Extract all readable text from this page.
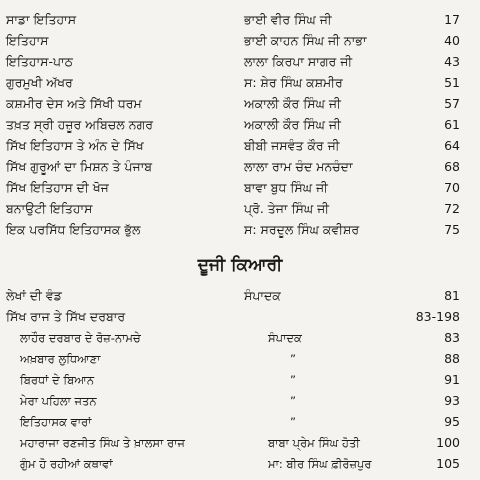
ਸਾਡਾ ਇਤਿਹਾਸ	ਭਾਈ ਵੀਰ ਸਿੰਘ ਜੀ	17
ਇਤਿਹਾਸ	ਭਾਈ ਕਾਹਨ ਸਿੰਘ ਜੀ ਨਾਭਾ	40
ਇਤਿਹਾਸ-ਪਾਠ	ਲਾਲਾ ਕਿਰਪਾ ਸਾਗਰ ਜੀ	43
ਗੁਰਮੁਖੀ ਅੱਖਰ	ਸ: ਸ਼ੇਰ ਸਿੰਘ ਕਸ਼ਮੀਰ	51
ਕਸ਼ਮੀਰ ਦੇਸ ਅਤੇ ਸਿੱਖੀ ਧਰਮ	ਅਕਾਲੀ ਕੌਰ ਸਿੰਘ ਜੀ	57
ਤਖ਼ਤ ਸ੍ਰੀ ਹਜ਼ੂਰ ਅਬਿਚਲ ਨਗਰ	ਅਕਾਲੀ ਕੌਰ ਸਿੰਘ ਜੀ	61
ਸਿੱਖ ਇਤਿਹਾਸ ਤੇ ਅੰਨ ਦੇ ਸਿੱਖ	ਬੀਬੀ ਜਸਵੰਤ ਕੌਰ ਜੀ	64
ਸਿੱਖ ਗੁਰੂਆਂ ਦਾ ਮਿਸ਼ਨ ਤੇ ਪੰਜਾਬ	ਲਾਲਾ ਰਾਮ ਚੰਦ ਮਨਚੰਦਾ	68
ਸਿੱਖ ਇਤਿਹਾਸ ਦੀ ਖੋਜ	ਬਾਵਾ ਬੁਧ ਸਿੰਘ ਜੀ	70
ਬਨਾਉਟੀ ਇਤਿਹਾਸ	ਪ੍ਰੋ. ਤੇਜਾ ਸਿੰਘ ਜੀ	72
ਇਕ ਪਰਸਿੱਧ ਇਤਿਹਾਸਕ ਭੁੱਲ	ਸ: ਸਰਦੂਲ ਸਿੰਘ ਕਵੀਸ਼ਰ	75
ਦੂਜੀ ਕਿਆਰੀ
ਲੇਖਾਂ ਦੀ ਵੰਡ	ਸੰਪਾਦਕ	81
ਸਿੱਖ ਰਾਜ ਤੇ ਸਿੱਖ ਦਰਬਾਰ	83-198
ਲਾਹੌਰ ਦਰਬਾਰ ਦੇ ਰੋਜ਼-ਨਾਮਚੇ	ਸੰਪਾਦਕ	83
ਅਖ਼ਬਾਰ ਲੁਧਿਆਣਾ	”	88
ਬਿਰਧਾਂ ਦੇ ਬਿਆਨ	”	91
ਮੇਰਾ ਪਹਿਲਾ ਜਤਨ	”	93
ਇਤਿਹਾਸਕ ਵਾਰਾਂ	”	95
ਮਹਾਰਾਜਾ ਰਣਜੀਤ ਸਿੰਘ ਤੇ ਖ਼ਾਲਸਾ ਰਾਜ	ਬਾਬਾ ਪ੍ਰੇਮ ਸਿੰਘ ਹੋਤੀ	100
ਗੁੰਮ ਹੋ ਰਹੀਆਂ ਕਥਾਵਾਂ	ਮਾ: ਬੀਰ ਸਿੰਘ ਫ਼ੀਰੋਜ਼ਪੁਰ	105
